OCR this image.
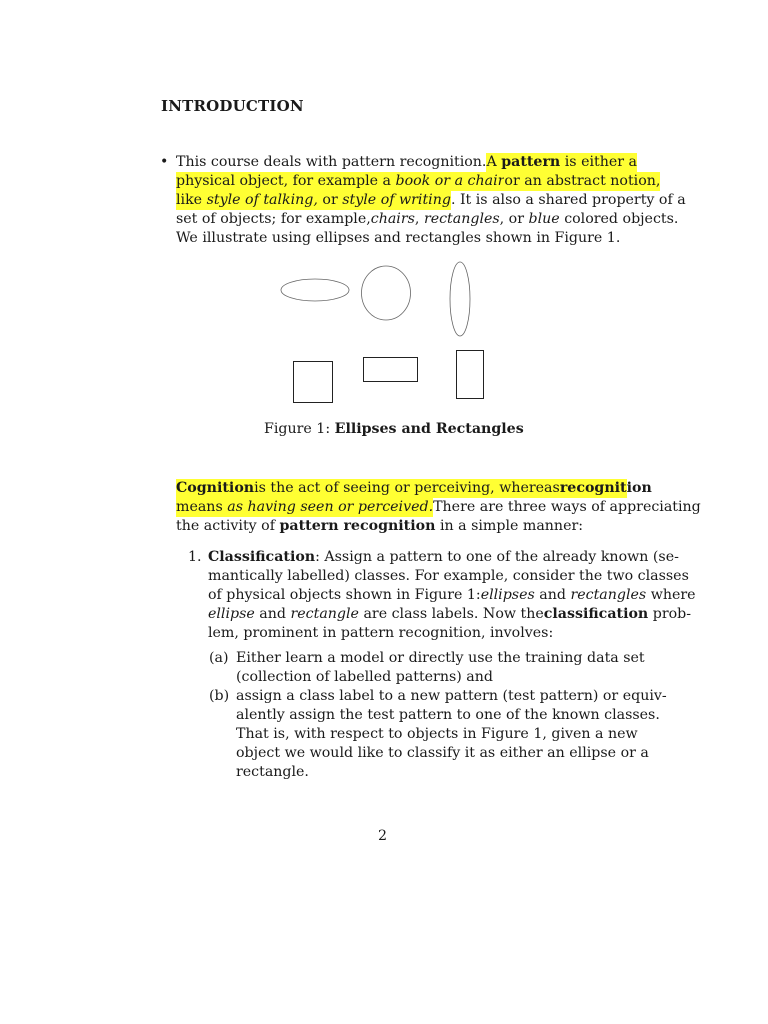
INTRODUCTION
• This course deals with pattern recognition. A pattern is either a
physical object, for example a book or a chair or an abstract notion,
like style of talking, or style of writing . It is also a shared property of a
set of objects; for example, chairs, rectangles, or blue colored objects.
We illustrate using ellipses and rectangles shown in Figure 1.
Figure 1: Ellipses and Rectangles
Cognition is the act of seeing or perceiving, whereas recognition
means as having seen or perceived. There are three ways of appreciating
the activity of pattern recognition in a simple manner:
1. Classification: Assign a pattern to one of the already known (se-
mantically labelled) classes. For example, consider the two classes
of physical objects shown in Figure 1: ellipses and rectangles where
ellipse and rectangle are class labels. Now the classification prob-
lem, prominent in pattern recognition, involves:
(a) Either learn a model or directly use the training data set
(collection of labelled patterns) and
(b) assign a class label to a new pattern (test pattern) or equiv-
alently assign the test pattern to one of the known classes.
That is, with respect to objects in Figure 1, given a new
object we would like to classify it as either an ellipse or a
rectangle.
2
